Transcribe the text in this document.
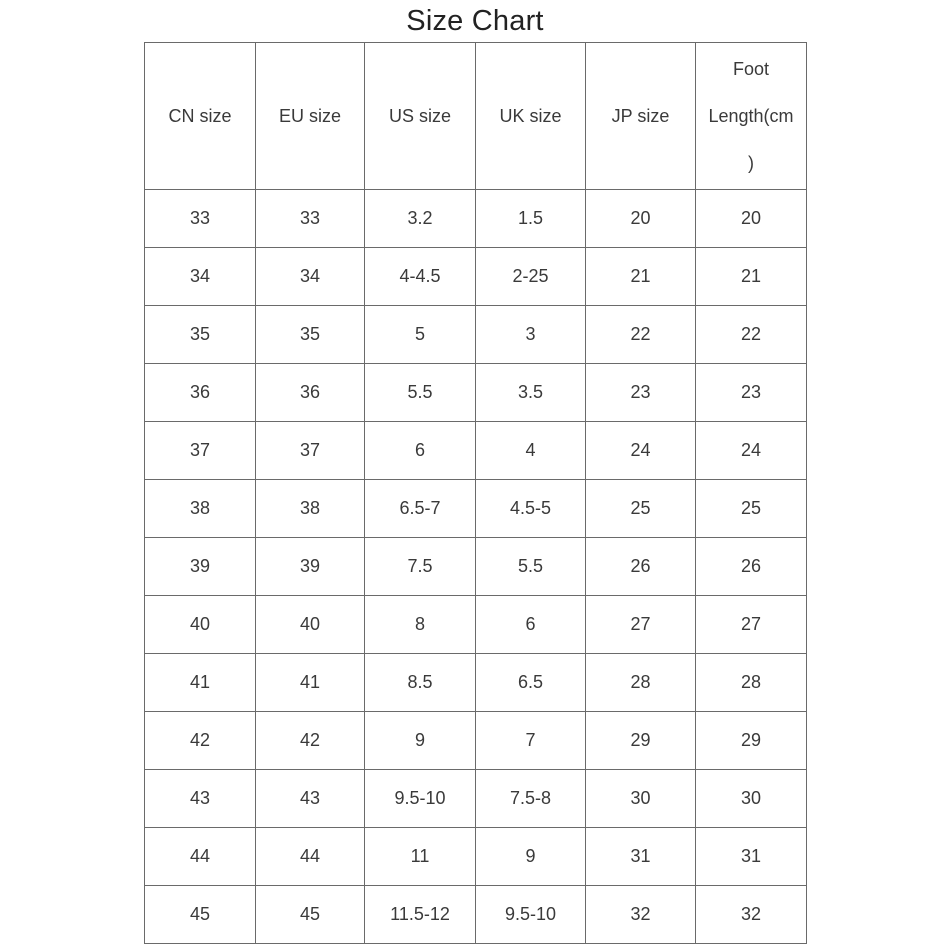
Size Chart
CN size	EU size	US size	UK size	JP size	Foot
Length(cm
)

33	33	3.2	1.5	20	20
34	34	4-4.5	2-25	21	21
35	35	5	3	22	22
36	36	5.5	3.5	23	23
37	37	6	4	24	24
38	38	6.5-7	4.5-5	25	25
39	39	7.5	5.5	26	26
40	40	8	6	27	27
41	41	8.5	6.5	28	28
42	42	9	7	29	29
43	43	9.5-10	7.5-8	30	30
44	44	11	9	31	31
45	45	11.5-12	9.5-10	32	32
